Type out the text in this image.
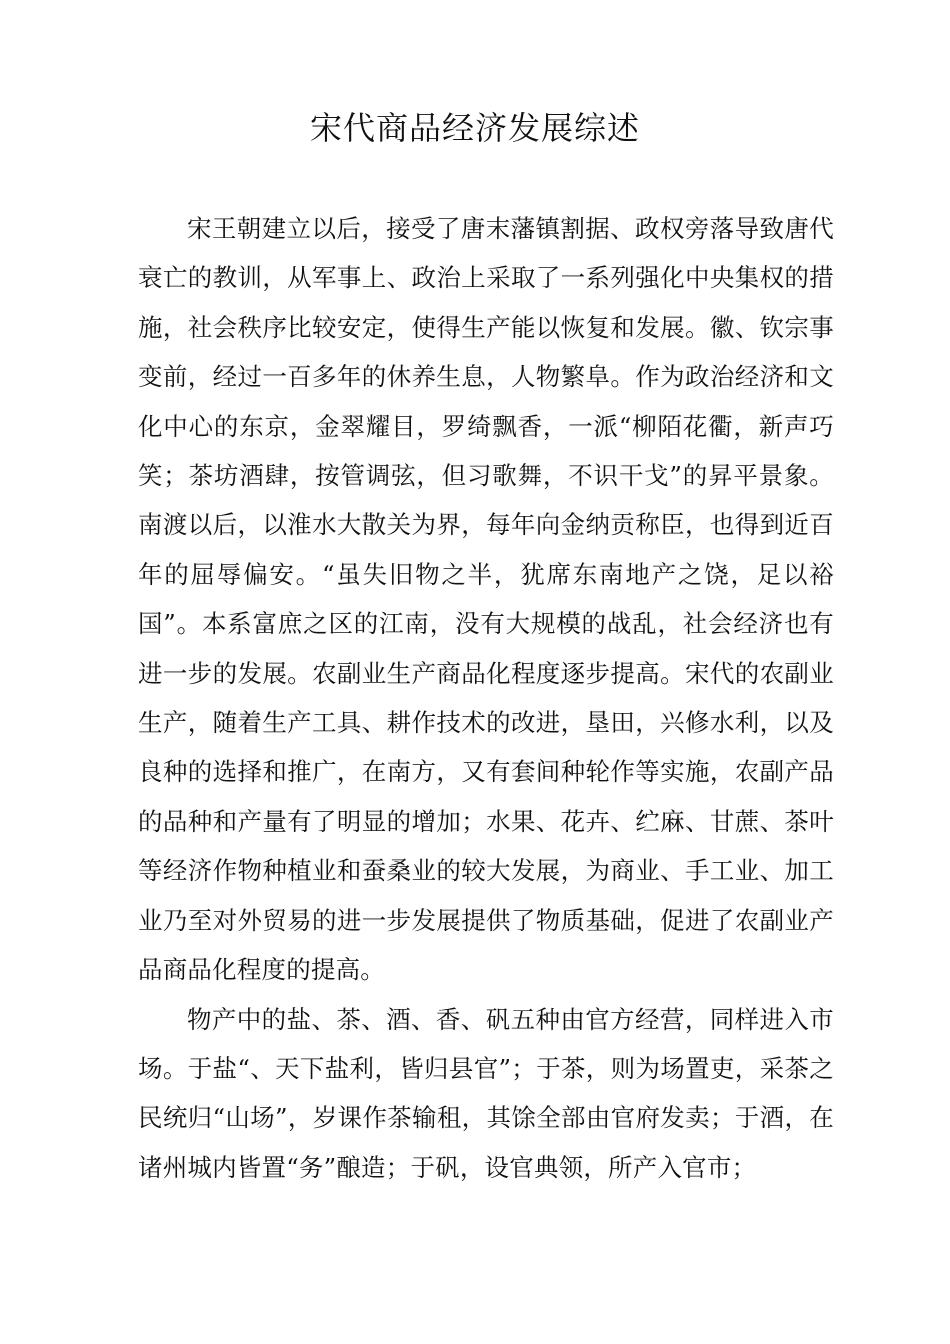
宋代商品经济发展综述

宋王朝建立以后，接受了唐末藩镇割据、政权旁落导致唐代衰亡的教训，从军事上、政治上采取了一系列强化中央集权的措施，社会秩序比较安定，使得生产能以恢复和发展。徽、钦宗事变前，经过一百多年的休养生息，人物繁阜。作为政治经济和文化中心的东京，金翠耀目，罗绮飘香，一派“柳陌花衢，新声巧笑；茶坊酒肆，按管调弦，但习歌舞，不识干戈”的昇平景象。南渡以后，以淮水大散关为界，每年向金纳贡称臣，也得到近百年的屈辱偏安。“虽失旧物之半，犹席东南地产之饶，足以裕国”。本系富庶之区的江南，没有大规模的战乱，社会经济也有进一步的发展。农副业生产商品化程度逐步提高。宋代的农副业生产，随着生产工具、耕作技术的改进，垦田，兴修水利，以及良种的选择和推广，在南方，又有套间种轮作等实施，农副产品的品种和产量有了明显的增加；水果、花卉、纻麻、甘蔗、茶叶等经济作物种植业和蚕桑业的较大发展，为商业、手工业、加工业乃至对外贸易的进一步发展提供了物质基础，促进了农副业产品商品化程度的提高。

物产中的盐、茶、酒、香、矾五种由官方经营，同样进入市场。于盐“、天下盐利，皆归县官”；于茶，则为场置吏，采茶之民统归“山场”，岁课作茶输租，其馀全部由官府发卖；于酒，在诸州城内皆置“务”酿造；于矾，设官典领，所产入官市；
